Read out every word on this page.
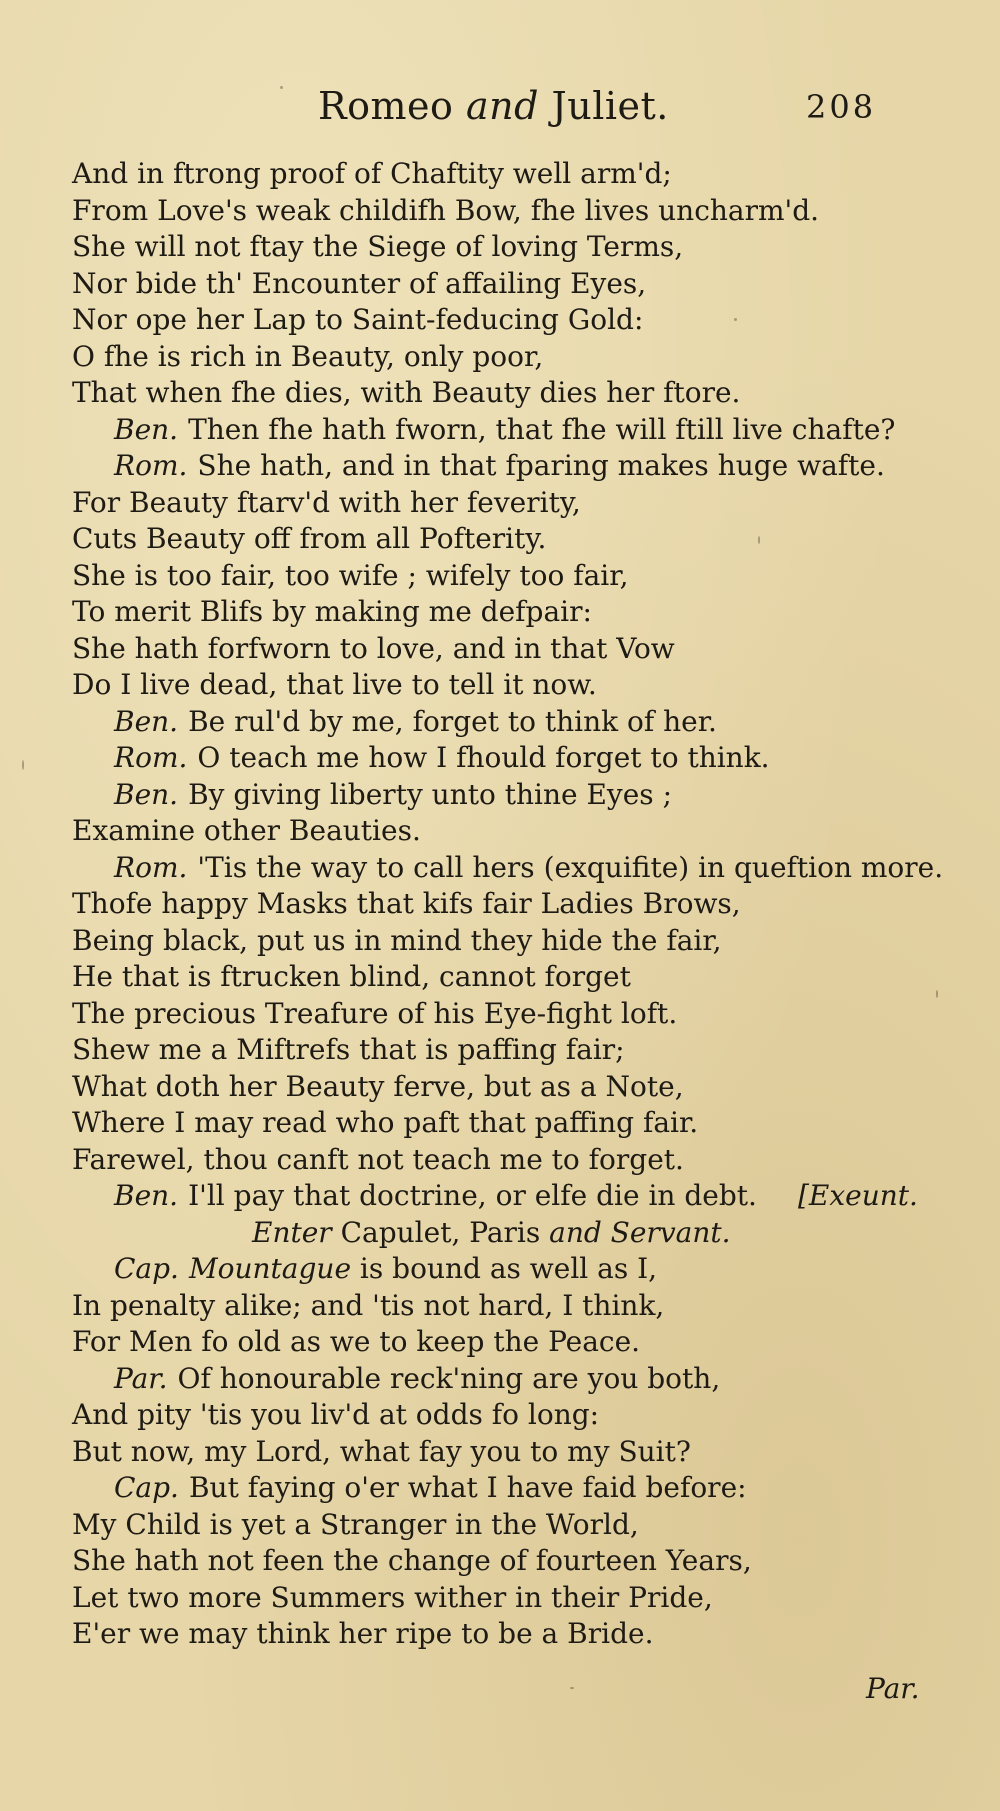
Romeo and Juliet.	208
And in ftrong proof of Chaftity well arm'd;
From Love's weak childifh Bow, fhe lives uncharm'd.
She will not ftay the Siege of loving Terms,
Nor bide th' Encounter of affailing Eyes,
Nor ope her Lap to Saint-feducing Gold:
O fhe is rich in Beauty, only poor,
That when fhe dies, with Beauty dies her ftore.
Ben. Then fhe hath fworn, that fhe will ftill live chafte?
Rom. She hath, and in that fparing makes huge wafte.
For Beauty ftarv'd with her feverity,
Cuts Beauty off from all Pofterity.
She is too fair, too wife ; wifely too fair,
To merit Blifs by making me defpair:
She hath forfworn to love, and in that Vow
Do I live dead, that live to tell it now.
Ben. Be rul'd by me, forget to think of her.
Rom. O teach me how I fhould forget to think.
Ben. By giving liberty unto thine Eyes ;
Examine other Beauties.
Rom. 'Tis the way to call hers (exquifite) in queftion more.
Thofe happy Masks that kifs fair Ladies Brows,
Being black, put us in mind they hide the fair,
He that is ftrucken blind, cannot forget
The precious Treafure of his Eye-fight loft.
Shew me a Miftrefs that is paffing fair;
What doth her Beauty ferve, but as a Note,
Where I may read who paft that paffing fair.
Farewel, thou canft not teach me to forget.
Ben. I'll pay that doctrine, or elfe die in debt. [Exeunt.
Enter Capulet, Paris and Servant.
Cap. Mountague is bound as well as I,
In penalty alike; and 'tis not hard, I think,
For Men fo old as we to keep the Peace.
Par. Of honourable reck'ning are you both,
And pity 'tis you liv'd at odds fo long:
But now, my Lord, what fay you to my Suit?
Cap. But faying o'er what I have faid before:
My Child is yet a Stranger in the World,
She hath not feen the change of fourteen Years,
Let two more Summers wither in their Pride,
E'er we may think her ripe to be a Bride.
Par.
